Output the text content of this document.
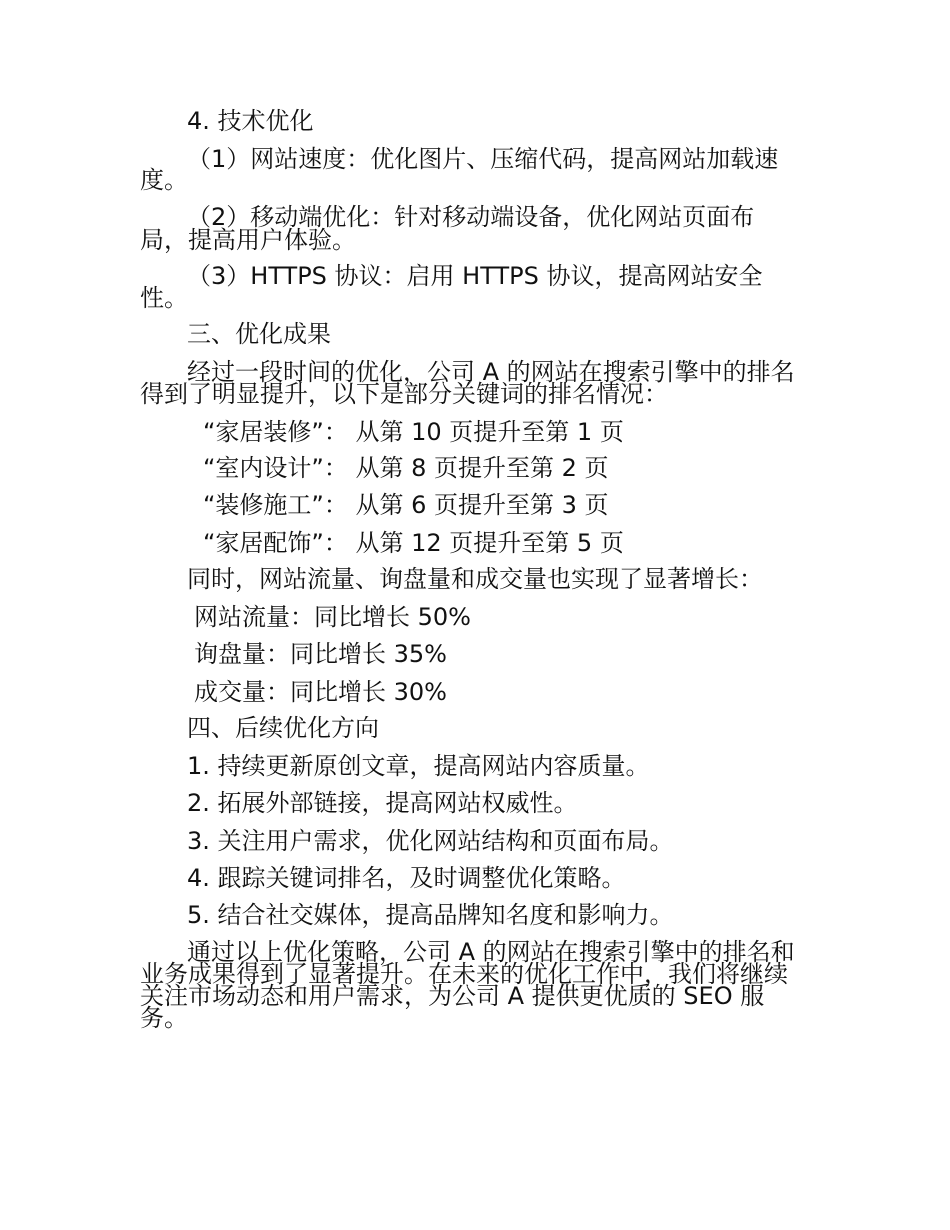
4. 技术优化
（1）网站速度：优化图片、压缩代码，提高网站加载速
度。
（2）移动端优化：针对移动端设备，优化网站页面布
局，提高用户体验。
（3）HTTPS 协议：启用 HTTPS 协议，提高网站安全
性。
三、优化成果
经过一段时间的优化，公司 A 的网站在搜索引擎中的排名
得到了明显提升，以下是部分关键词的排名情况：
“家居装修”： 从第 10 页提升至第 1 页
“室内设计”： 从第 8 页提升至第 2 页
“装修施工”： 从第 6 页提升至第 3 页
“家居配饰”： 从第 12 页提升至第 5 页
同时，网站流量、询盘量和成交量也实现了显著增长：
网站流量：同比增长 50%
询盘量：同比增长 35%
成交量：同比增长 30%
四、后续优化方向
1. 持续更新原创文章，提高网站内容质量。
2. 拓展外部链接，提高网站权威性。
3. 关注用户需求，优化网站结构和页面布局。
4. 跟踪关键词排名，及时调整优化策略。
5. 结合社交媒体，提高品牌知名度和影响力。
通过以上优化策略，公司 A 的网站在搜索引擎中的排名和
业务成果得到了显著提升。在未来的优化工作中，我们将继续
关注市场动态和用户需求，为公司 A 提供更优质的 SEO 服
务。
